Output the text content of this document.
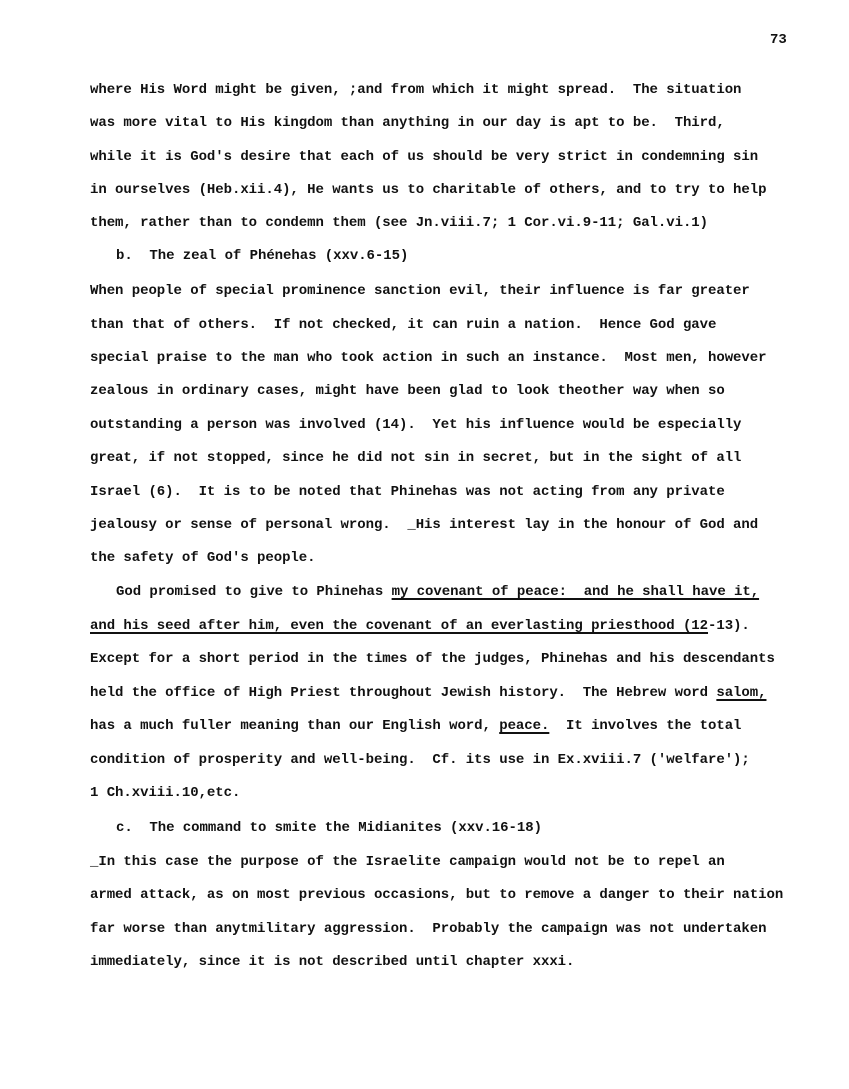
73
where His Word might be given, ;and from which it might spread.  The situation
was more vital to His kingdom than anything in our day is apt to be.  Third,
while it is God's desire that each of us should be very strict in condemning sin
in ourselves (Heb.xii.4), He wants us to charitable of others, and to try to help
them, rather than to condemn them (see Jn.viii.7; 1 Cor.vi.9-11; Gal.vi.1)
b.  The zeal of Phénehas (xxv.6-15)
When people of special prominence sanction evil, their influence is far greater
than that of others.  If not checked, it can ruin a nation.  Hence God gave
special praise to the man who took action in such an instance.  Most men, however
zealous in ordinary cases, might have been glad to look theother way when so
outstanding a person was involved (14).  Yet his influence would be especially
great, if not stopped, since he did not sin in secret, but in the sight of all
Israel (6).  It is to be noted that Phinehas was not acting from any private
jealousy or sense of personal wrong.  _His interest lay in the honour of God and
the safety of God's people.
God promised to give to Phinehas my covenant of peace:  and he shall have it,
and his seed after him, even the covenant of an everlasting priesthood (12-13).
Except for a short period in the times of the judges, Phinehas and his descendants
held the office of High Priest throughout Jewish history.  The Hebrew word salom,
has a much fuller meaning than our English word, peace.  It involves the total
condition of prosperity and well-being.  Cf. its use in Ex.xviii.7 ('welfare');
1 Ch.xviii.10,etc.
c.  The command to smite the Midianites (xxv.16-18)
_In this case the purpose of the Israelite campaign would not be to repel an
armed attack, as on most previous occasions, but to remove a danger to their nation
far worse than anytmilitary aggression.  Probably the campaign was not undertaken
immediately, since it is not described until chapter xxxi.
